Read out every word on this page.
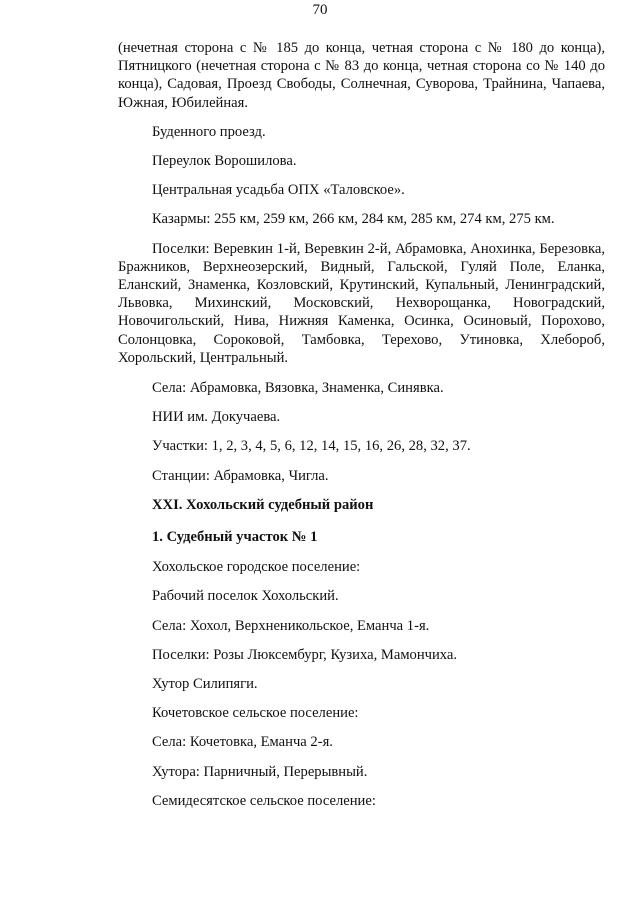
70

(нечетная сторона с № 185 до конца, четная сторона с № 180 до конца), Пятницкого (нечетная сторона с № 83 до конца, четная сторона со № 140 до конца), Садовая, Проезд Свободы, Солнечная, Суворова, Трайнина, Чапаева, Южная, Юбилейная.

Буденного проезд.

Переулок Ворошилова.

Центральная усадьба ОПХ «Таловское».

Казармы: 255 км, 259 км, 266 км, 284 км, 285 км, 274 км, 275 км.

Поселки: Веревкин 1-й, Веревкин 2-й, Абрамовка, Анохинка, Березовка, Бражников, Верхнеозерский, Видный, Гальской, Гуляй Поле, Еланка, Еланский, Знаменка, Козловский, Крутинский, Купальный, Ленинградский, Львовка, Михинский, Московский, Нехворощанка, Новоградский, Новочигольский, Нива, Нижняя Каменка, Осинка, Осиновый, Порохово, Солонцовка, Сороковой, Тамбовка, Терехово, Утиновка, Хлебороб, Хорольский, Центральный.

Села: Абрамовка, Вязовка, Знаменка, Синявка.

НИИ им. Докучаева.

Участки: 1, 2, 3, 4, 5, 6, 12, 14, 15, 16, 26, 28, 32, 37.

Станции: Абрамовка, Чигла.

XXI. Хохольский судебный район

1. Судебный участок № 1

Хохольское городское поселение:

Рабочий поселок Хохольский.

Села: Хохол, Верхненикольское, Еманча 1-я.

Поселки: Розы Люксембург, Кузиха, Мамончиха.

Хутор Силипяги.

Кочетовское сельское поселение:

Села: Кочетовка, Еманча 2-я.

Хутора: Парничный, Перерывный.

Семидесятское сельское поселение:
